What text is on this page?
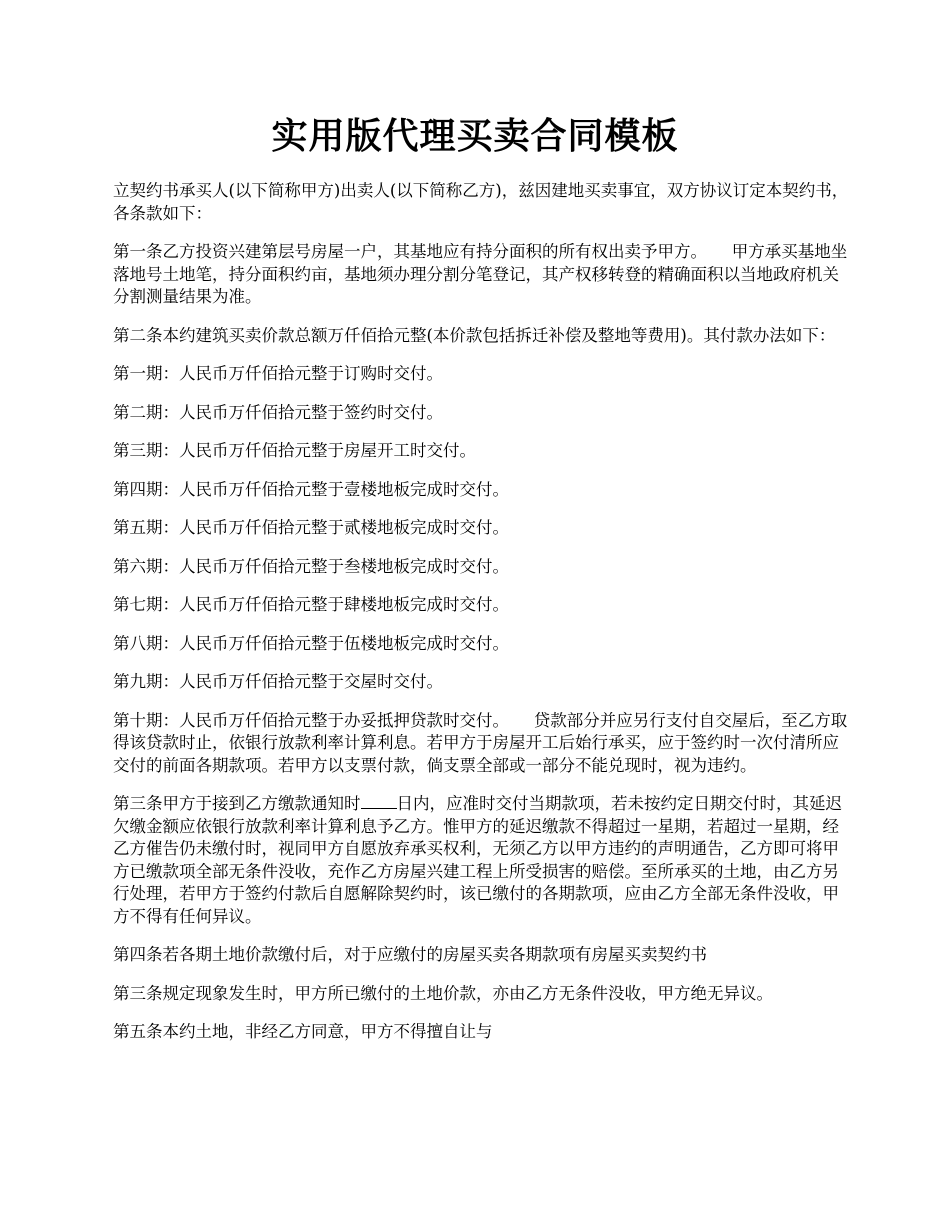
实用版代理买卖合同模板

立契约书承买人(以下简称甲方)出卖人(以下简称乙方)，兹因建地买卖事宜，双方协议订定本契约书，各条款如下：

第一条乙方投资兴建第层号房屋一户，其基地应有持分面积的所有权出卖予甲方。　　甲方承买基地坐落地号土地笔，持分面积约亩，基地须办理分割分笔登记，其产权移转登的精确面积以当地政府机关分割测量结果为准。

第二条本约建筑买卖价款总额万仟佰拾元整(本价款包括拆迁补偿及整地等费用)。其付款办法如下：

第一期：人民币万仟佰拾元整于订购时交付。

第二期：人民币万仟佰拾元整于签约时交付。

第三期：人民币万仟佰拾元整于房屋开工时交付。

第四期：人民币万仟佰拾元整于壹楼地板完成时交付。

第五期：人民币万仟佰拾元整于贰楼地板完成时交付。

第六期：人民币万仟佰拾元整于叁楼地板完成时交付。

第七期：人民币万仟佰拾元整于肆楼地板完成时交付。

第八期：人民币万仟佰拾元整于伍楼地板完成时交付。

第九期：人民币万仟佰拾元整于交屋时交付。

第十期：人民币万仟佰拾元整于办妥抵押贷款时交付。　　贷款部分并应另行支付自交屋后，至乙方取得该贷款时止，依银行放款利率计算利息。若甲方于房屋开工后始行承买，应于签约时一次付清所应交付的前面各期款项。若甲方以支票付款，倘支票全部或一部分不能兑现时，视为违约。

第三条甲方于接到乙方缴款通知时 日内，应准时交付当期款项，若未按约定日期交付时，其延迟欠缴金额应依银行放款利率计算利息予乙方。惟甲方的延迟缴款不得超过一星期，若超过一星期，经乙方催告仍未缴付时，视同甲方自愿放弃承买权利，无须乙方以甲方违约的声明通告，乙方即可将甲方已缴款项全部无条件没收，充作乙方房屋兴建工程上所受损害的赔偿。至所承买的土地，由乙方另行处理，若甲方于签约付款后自愿解除契约时，该已缴付的各期款项，应由乙方全部无条件没收，甲方不得有任何异议。

第四条若各期土地价款缴付后，对于应缴付的房屋买卖各期款项有房屋买卖契约书

第三条规定现象发生时，甲方所已缴付的土地价款，亦由乙方无条件没收，甲方绝无异议。

第五条本约土地，非经乙方同意，甲方不得擅自让与
